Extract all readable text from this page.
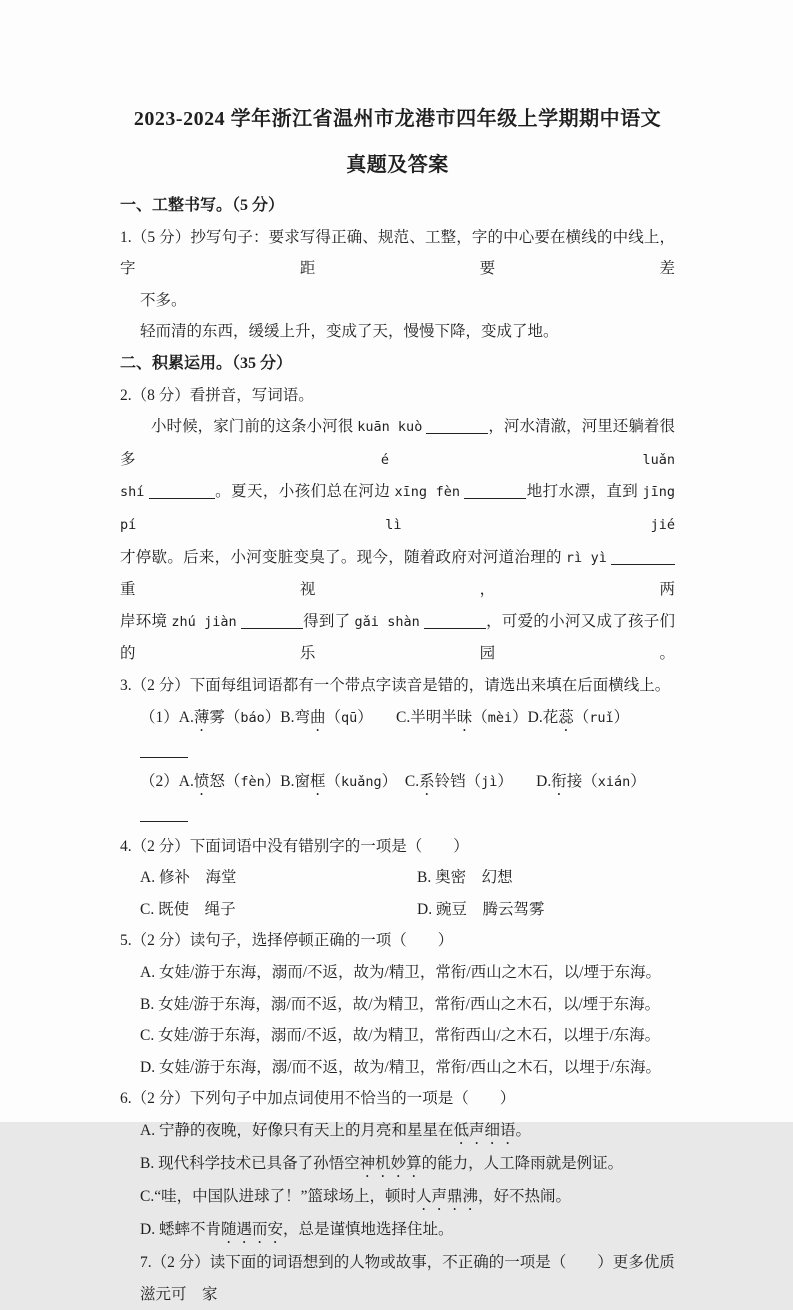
2023-2024 学年浙江省温州市龙港市四年级上学期期中语文
真题及答案
一、工整书写。（5 分）
1.（5 分）抄写句子：要求写得正确、规范、工整，字的中心要在横线的中线上，字距要差
不多。
轻而清的东西，缓缓上升，变成了天，慢慢下降，变成了地。
二、积累运用。（35 分）
2.（8 分）看拼音，写词语。
小时候，家门前的这条小河很 kuān kuò	，河水清澈，河里还躺着很多é luǎn
shí	。夏天，小孩们总在河边 xīng fèn	地打水漂，直到 jīng pí lì jié
才停歇。后来，小河变脏变臭了。现今，随着政府对河道治理的 rì yì 重视，两
岸环境 zhú jiàn	得到了 gǎi shàn	，可爱的小河又成了孩子们的乐园。
3.（2 分）下面每组词语都有一个带点字读音是错的，请选出来填在后面横线上。
（1）A.薄雾（báo）B.弯曲（qū）　　C.半明半昧（mèi）D.花蕊（ruǐ）　
（2）A.愤怒（fèn）B.窗框（kuǎng）　C.系铃铛（jì）　　D.衔接（xián）　
4.（2 分）下面词语中没有错别字的一项是（　　）
A. 修补　海堂	B. 奥密　幻想
C. 既使　绳子	D. 豌豆　腾云驾雾
5.（2 分）读句子，选择停顿正确的一项（　　）
A. 女娃/游于东海，溺而/不返，故为/精卫，常衔/西山之木石，以/堙于东海。
B. 女娃/游于东海，溺/而不返，故/为精卫，常衔/西山之木石，以/堙于东海。
C. 女娃/游于东海，溺而/不返，故/为精卫，常衔西山/之木石，以埋于/东海。
D. 女娃/游于东海，溺/而不返，故为/精卫，常衔/西山之木石，以埋于/东海。
6.（2 分）下列句子中加点词使用不恰当的一项是（　　）
A. 宁静的夜晚，好像只有天上的月亮和星星在低声细语。
B. 现代科学技术已具备了孙悟空神机妙算的能力，人工降雨就是例证。
C.“哇，中国队进球了！”篮球场上，顿时人声鼎沸，好不热闹。
D. 蟋蟀不肯随遇而安，总是谨慎地选择住址。
7.（2 分）读下面的词语想到的人物或故事，不正确的一项是（　　）更多优质滋元可　家
